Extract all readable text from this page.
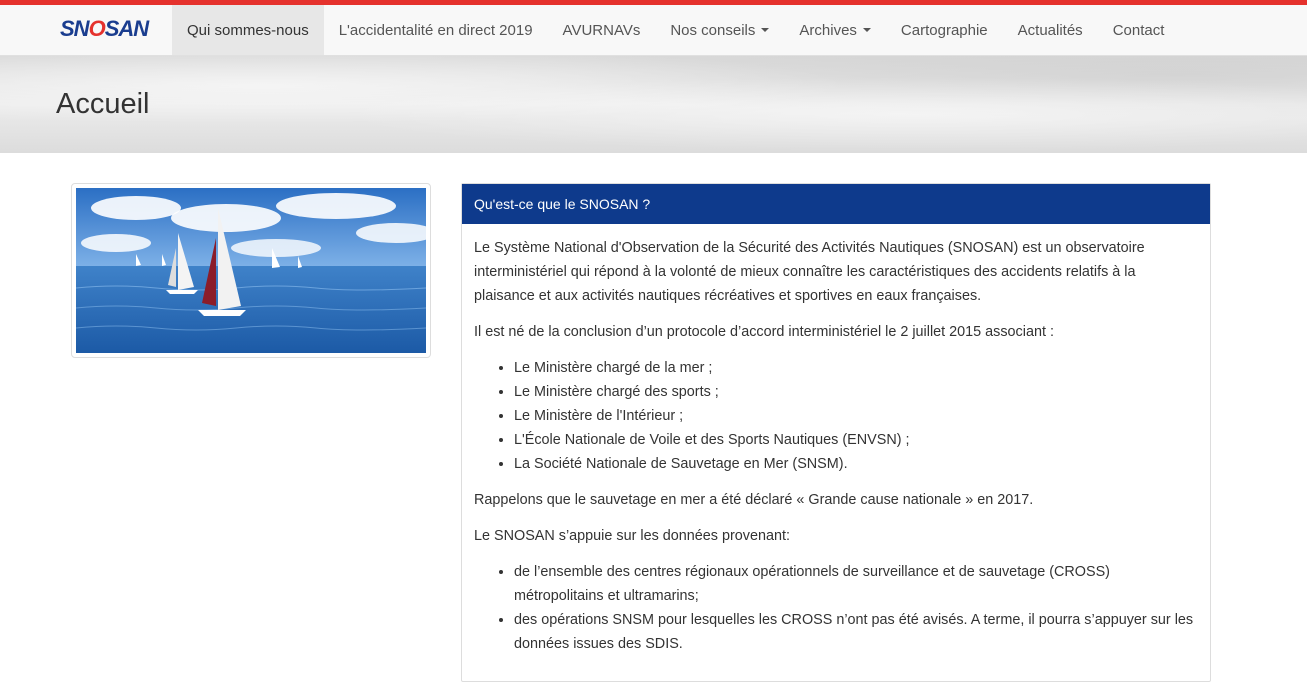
SN O SAN	Qui sommes-nous L'accidentalité en direct 2019 AVURNAVs Nos conseils	Archives	Cartographie Actualités Contact
Accueil
Qu'est-ce que le SNOSAN ?

Le Système National d'Observation de la Sécurité des Activités Nautiques (SNOSAN) est un observatoire interministériel qui répond à la volonté de mieux connaître les caractéristiques des accidents relatifs à la plaisance et aux activités nautiques récréatives et sportives en eaux françaises.

Il est né de la conclusion d’un protocole d’accord interministériel le 2 juillet 2015 associant :

• Le Ministère chargé de la mer ;
• Le Ministère chargé des sports ;
• Le Ministère de l'Intérieur ;
• L'École Nationale de Voile et des Sports Nautiques (ENVSN) ;
• La Société Nationale de Sauvetage en Mer (SNSM).

Rappelons que le sauvetage en mer a été déclaré « Grande cause nationale » en 2017.

Le SNOSAN s’appuie sur les données provenant:

• de l’ensemble des centres régionaux opérationnels de surveillance et de sauvetage (CROSS) métropolitains et ultramarins;
• des opérations SNSM pour lesquelles les CROSS n’ont pas été avisés. A terme, il pourra s’appuyer sur les données issues des SDIS.
